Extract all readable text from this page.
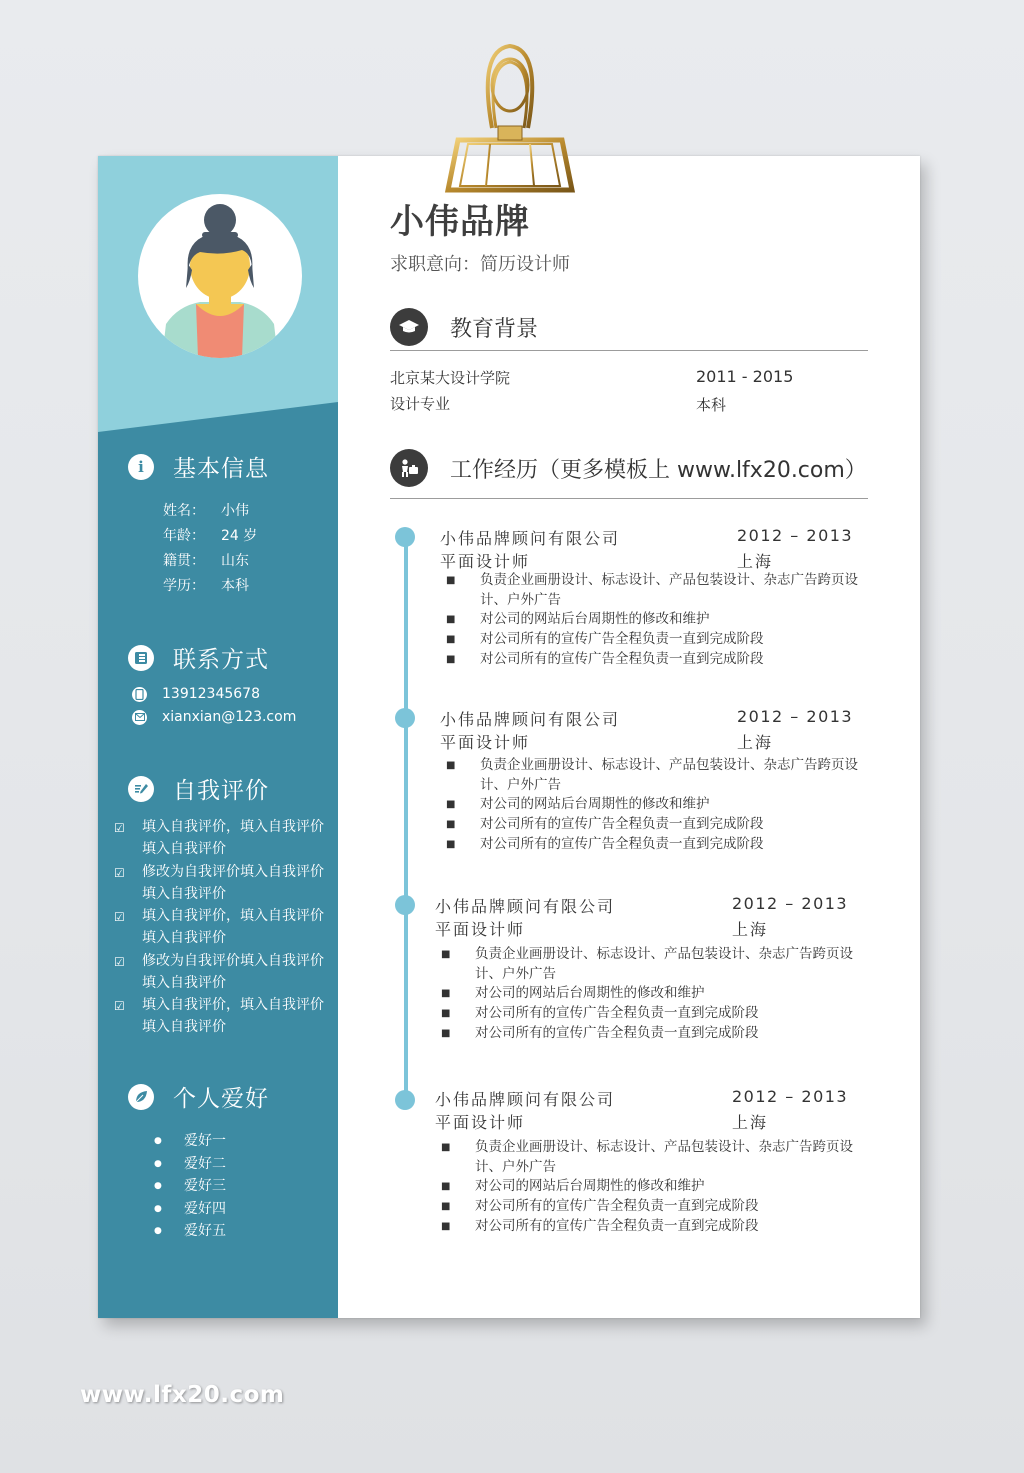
i	基本信息
姓名：	小伟
年龄：	24 岁
籍贯：	山东
学历：	本科
联系方式
13912345678
xianxian@123.com
自我评价
☑	填入自我评价，填入自我评价填入自我评价
☑	修改为自我评价填入自我评价填入自我评价
☑	填入自我评价，填入自我评价填入自我评价
☑	修改为自我评价填入自我评价填入自我评价
☑	填入自我评价，填入自我评价填入自我评价
个人爱好
●	爱好一
●	爱好二
●	爱好三
●	爱好四
●	爱好五
小伟品牌
求职意向：简历设计师
教育背景
北京某大设计学院	2011 - 2015
设计专业	本科
工作经历（更多模板上 www.lfx20.com）
小伟品牌顾问有限公司	2012 – 2013
平面设计师	上海
■	负责企业画册设计、标志设计、产品包装设计、杂志广告跨页设计、户外广告
■	对公司的网站后台周期性的修改和维护
■	对公司所有的宣传广告全程负责一直到完成阶段
■	对公司所有的宣传广告全程负责一直到完成阶段
小伟品牌顾问有限公司	2012 – 2013
平面设计师	上海
■	负责企业画册设计、标志设计、产品包装设计、杂志广告跨页设计、户外广告
■	对公司的网站后台周期性的修改和维护
■	对公司所有的宣传广告全程负责一直到完成阶段
■	对公司所有的宣传广告全程负责一直到完成阶段
小伟品牌顾问有限公司	2012 – 2013
平面设计师	上海
■	负责企业画册设计、标志设计、产品包装设计、杂志广告跨页设计、户外广告
■	对公司的网站后台周期性的修改和维护
■	对公司所有的宣传广告全程负责一直到完成阶段
■	对公司所有的宣传广告全程负责一直到完成阶段
小伟品牌顾问有限公司	2012 – 2013
平面设计师	上海
■	负责企业画册设计、标志设计、产品包装设计、杂志广告跨页设计、户外广告
■	对公司的网站后台周期性的修改和维护
■	对公司所有的宣传广告全程负责一直到完成阶段
■	对公司所有的宣传广告全程负责一直到完成阶段
www.lfx20.com
